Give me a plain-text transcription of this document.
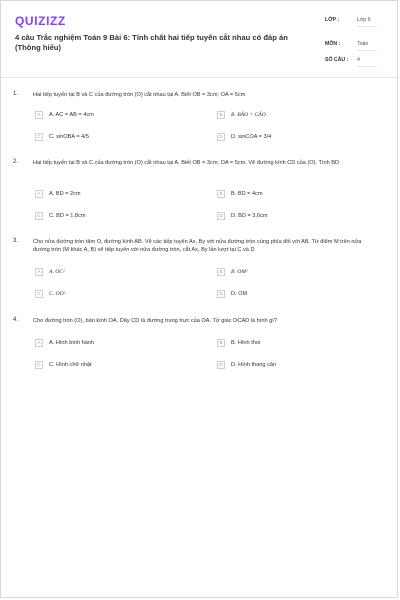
QUIZIZZ
4 câu Trắc nghiệm Toán 9 Bài 6: Tính chất hai tiếp tuyến cắt nhau có đáp án (Thông hiểu)
LỚP :	Lớp 9
MÔN :	Toán
SỐ CÂU : 4
1.	Hai tiếp tuyến tại B và C của đường tròn (O) cắt nhau tại A. Biết OB = 3cm; OA = 5cm
A	A. AC = AB = 4cm	B	B. BÂO = CÂO
C	C. sinOBA = 4/5	D	D. sinCOA = 3/4
2.	Hai tiếp tuyến tại B và C của đường tròn (O) cắt nhau tại A. Biết OB = 3cm; OA = 5cm. Vẽ đường kính CD của (O). Tính BD
A	A. BD = 2cm	B	B. BD = 4cm
C	C. BD = 1,8cm	D	D. BD = 3,6cm
3.	Cho nửa đường tròn tâm O, đường kính AB. Vẽ các tiếp tuyến Ax, By với nửa đường tròn cùng phía đối với AB. Từ điểm M trên nửa đường tròn (M khác A, B) vẽ tiếp tuyến với nửa đường tròn, cắt Ax, By lần lượt tại C và D
A	A. OC²	B	B. OM²
C	C. OD²	D	D. OM
4.	Cho đường tròn (O), bán kính OA. Dây CD là đường trung trực của OA. Tứ giác OCAD là hình gì?
A	A. Hình bình hành	B	B. Hình thoi
C	C. Hình chữ nhật	D	D. Hình thang cân
